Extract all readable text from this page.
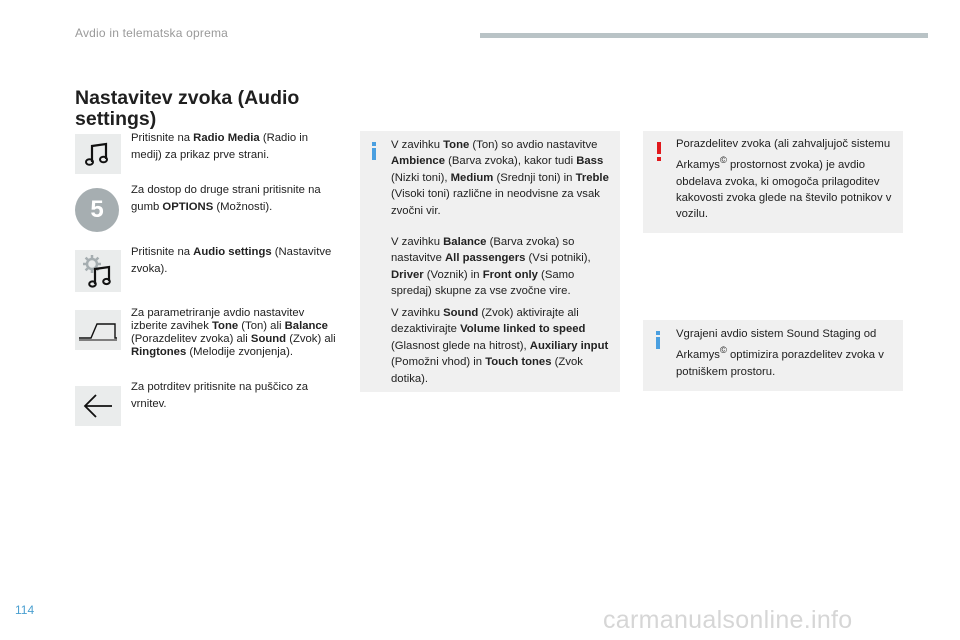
Avdio in telematska oprema
Nastavitev zvoka (Audio settings)
Pritisnite na Radio Media (Radio in medij) za prikaz prve strani.
5
Za dostop do druge strani pritisnite na gumb OPTIONS (Možnosti).
Pritisnite na Audio settings (Nastavitve zvoka).
Za parametriranje avdio nastavitev izberite zavihek Tone (Ton) ali Balance (Porazdelitev zvoka) ali Sound (Zvok) ali Ringtones (Melodije zvonjenja).
Za potrditev pritisnite na puščico za vrnitev.
V zavihku Tone (Ton) so avdio nastavitve Ambience (Barva zvoka), kakor tudi Bass (Nizki toni), Medium (Srednji toni) in Treble (Visoki toni) različne in neodvisne za vsak zvočni vir.
V zavihku Balance (Barva zvoka) so nastavitve All passengers (Vsi potniki), Driver (Voznik) in Front only (Samo spredaj) skupne za vse zvočne vire.
V zavihku Sound (Zvok) aktivirajte ali dezaktivirajte Volume linked to speed (Glasnost glede na hitrost), Auxiliary input (Pomožni vhod) in Touch tones (Zvok dotika).
Porazdelitev zvoka (ali zahvaljujoč sistemu Arkamys© prostornost zvoka) je avdio obdelava zvoka, ki omogoča prilagoditev kakovosti zvoka glede na število potnikov v vozilu.
Vgrajeni avdio sistem Sound Staging od Arkamys© optimizira porazdelitev zvoka v potniškem prostoru.
114	carmanualsonline.info
